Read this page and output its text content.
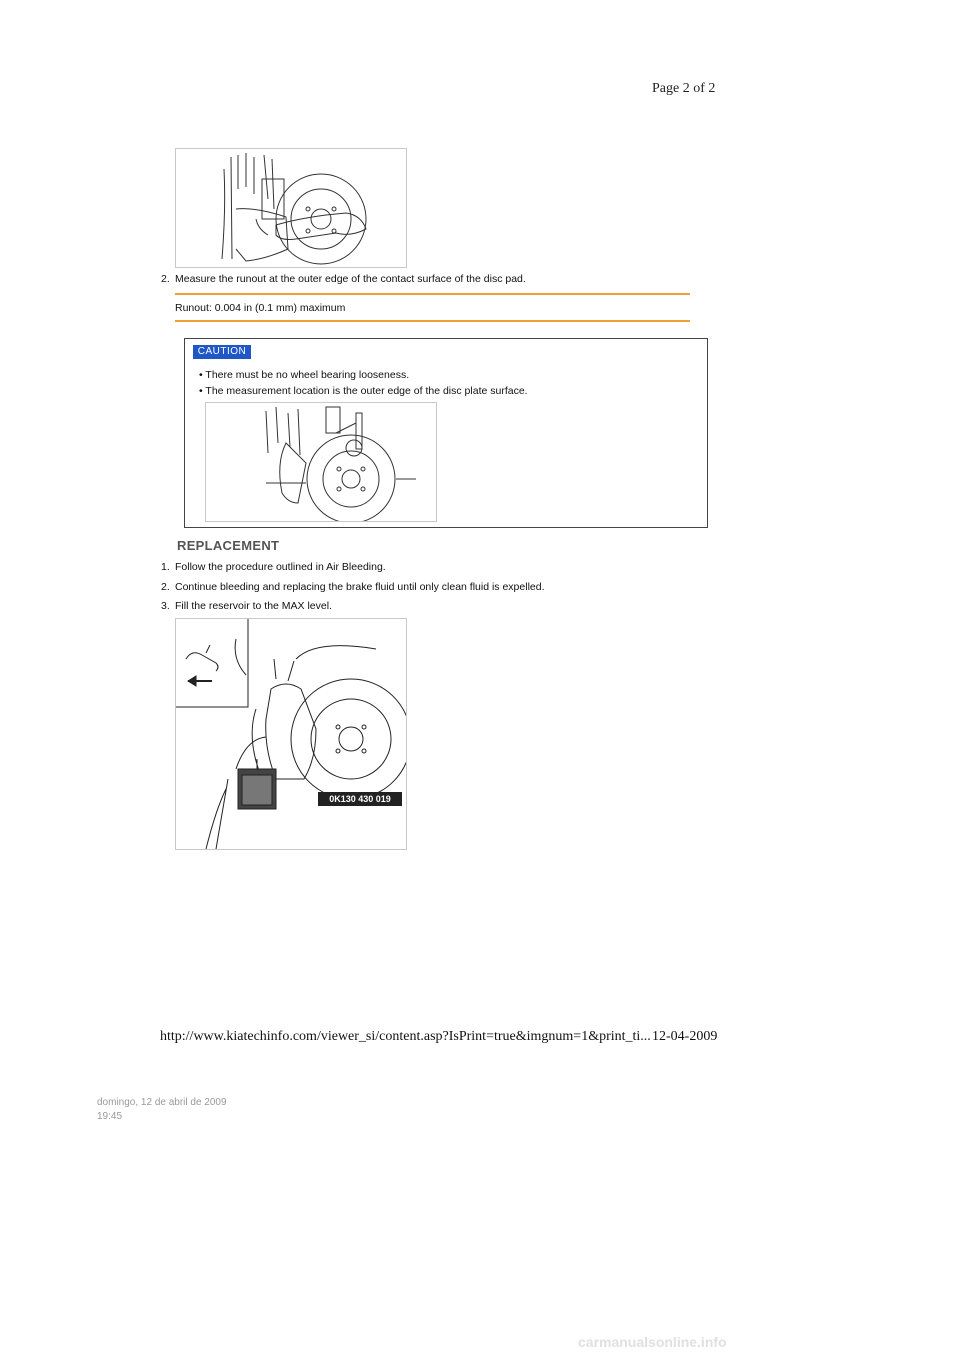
Page 2 of 2
2. Measure the runout at the outer edge of the contact surface of the disc pad.
Runout: 0.004 in (0.1 mm) maximum
CAUTION
• There must be no wheel bearing looseness.
• The measurement location is the outer edge of the disc plate surface.
REPLACEMENT
1. Follow the procedure outlined in Air Bleeding.
2. Continue bleeding and replacing the brake fluid until only clean fluid is expelled.
3. Fill the reservoir to the MAX level.
0K130 430 019
http://www.kiatechinfo.com/viewer_si/content.asp?IsPrint=true&imgnum=1&print_ti... 12-04-2009
domingo, 12 de abril de 2009
19:45
carmanualsonline.info
